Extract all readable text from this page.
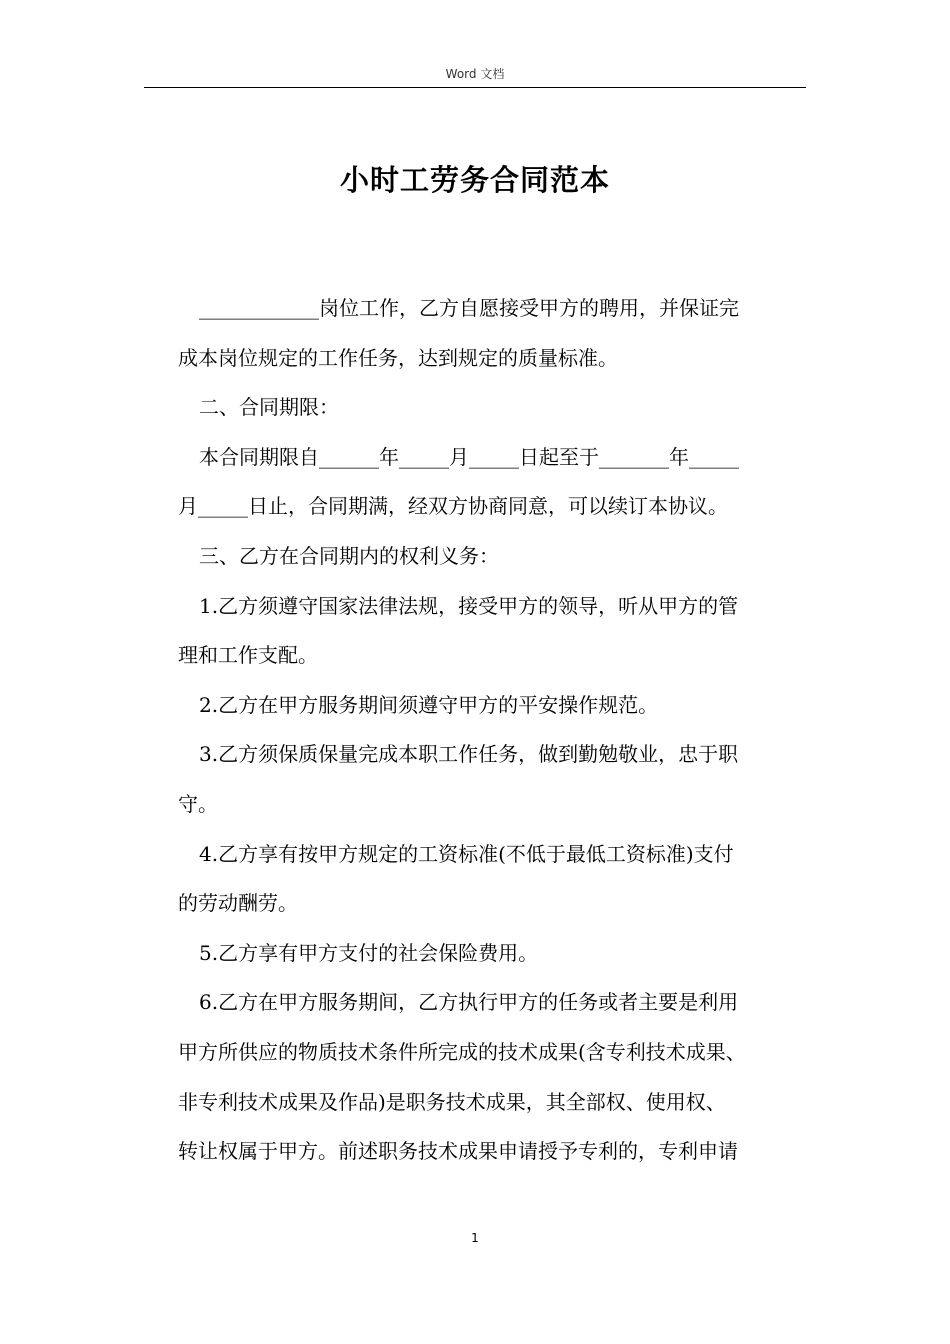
Word 文档
小时工劳务合同范本
____________岗位工作，乙方自愿接受甲方的聘用，并保证完
成本岗位规定的工作任务，达到规定的质量标准。
二、合同期限：
本合同期限自______年_____月_____日起至于_______年_____
月_____日止，合同期满，经双方协商同意，可以续订本协议。
三、乙方在合同期内的权利义务：
1.乙方须遵守国家法律法规，接受甲方的领导，听从甲方的管
理和工作支配。
2.乙方在甲方服务期间须遵守甲方的平安操作规范。
3.乙方须保质保量完成本职工作任务，做到勤勉敬业，忠于职
守。
4.乙方享有按甲方规定的工资标准(不低于最低工资标准)支付
的劳动酬劳。
5.乙方享有甲方支付的社会保险费用。
6.乙方在甲方服务期间，乙方执行甲方的任务或者主要是利用
甲方所供应的物质技术条件所完成的技术成果(含专利技术成果、
非专利技术成果及作品)是职务技术成果，其全部权、使用权、
转让权属于甲方。前述职务技术成果申请授予专利的，专利申请
1
